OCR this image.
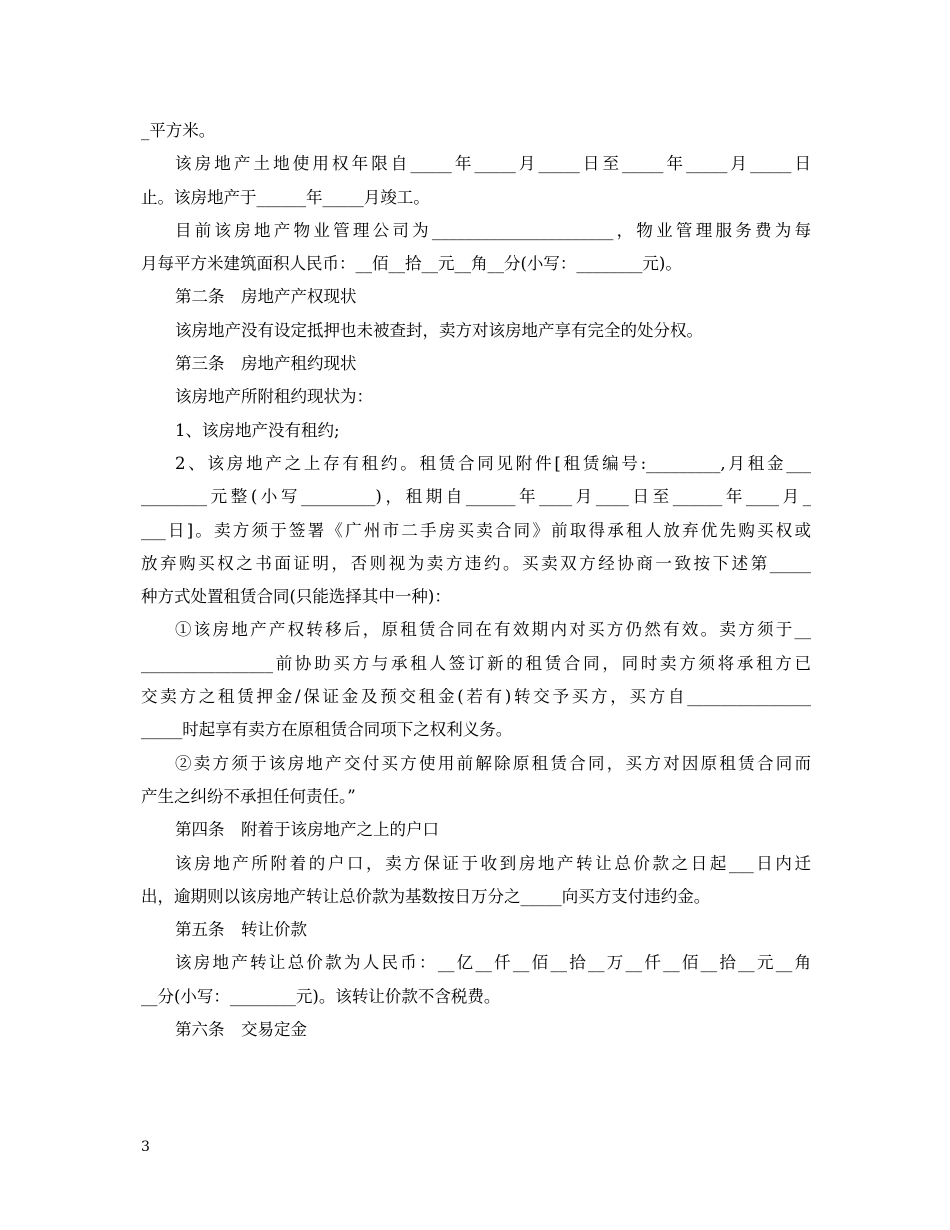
_平方米。
该房地产土地使用权年限自_____年_____月_____日至_____年_____月_____日
止。该房地产于______年_____月竣工。
目前该房地产物业管理公司为______________________，物业管理服务费为每
月每平方米建筑面积人民币：__佰__拾__元__角__分(小写：________元)。
第二条　房地产产权现状
该房地产没有设定抵押也未被查封，卖方对该房地产享有完全的处分权。
第三条　房地产租约现状
该房地产所附租约现状为：
1、该房地产没有租约;
2、该房地产之上存有租约。租赁合同见附件[租赁编号:_________,月租金___
________元整(小写_________)，租期自______年____月____日至______年____月_
___日]。卖方须于签署《广州市二手房买卖合同》前取得承租人放弃优先购买权或
放弃购买权之书面证明，否则视为卖方违约。买卖双方经协商一致按下述第_____
种方式处置租赁合同(只能选择其中一种)：
①该房地产产权转移后，原租赁合同在有效期内对买方仍然有效。卖方须于__
________________前协助买方与承租人签订新的租赁合同，同时卖方须将承租方已
交卖方之租赁押金/保证金及预交租金(若有)转交予买方，买方自_______________
_____时起享有卖方在原租赁合同项下之权利义务。
②卖方须于该房地产交付买方使用前解除原租赁合同，买方对因原租赁合同而
产生之纠纷不承担任何责任。”
第四条　附着于该房地产之上的户口
该房地产所附着的户口，卖方保证于收到房地产转让总价款之日起___日内迁
出，逾期则以该房地产转让总价款为基数按日万分之_____向买方支付违约金。
第五条　转让价款
该房地产转让总价款为人民币：__亿__仟__佰__拾__万__仟__佰__拾__元__角
__分(小写：________元)。该转让价款不含税费。
第六条　交易定金
3
